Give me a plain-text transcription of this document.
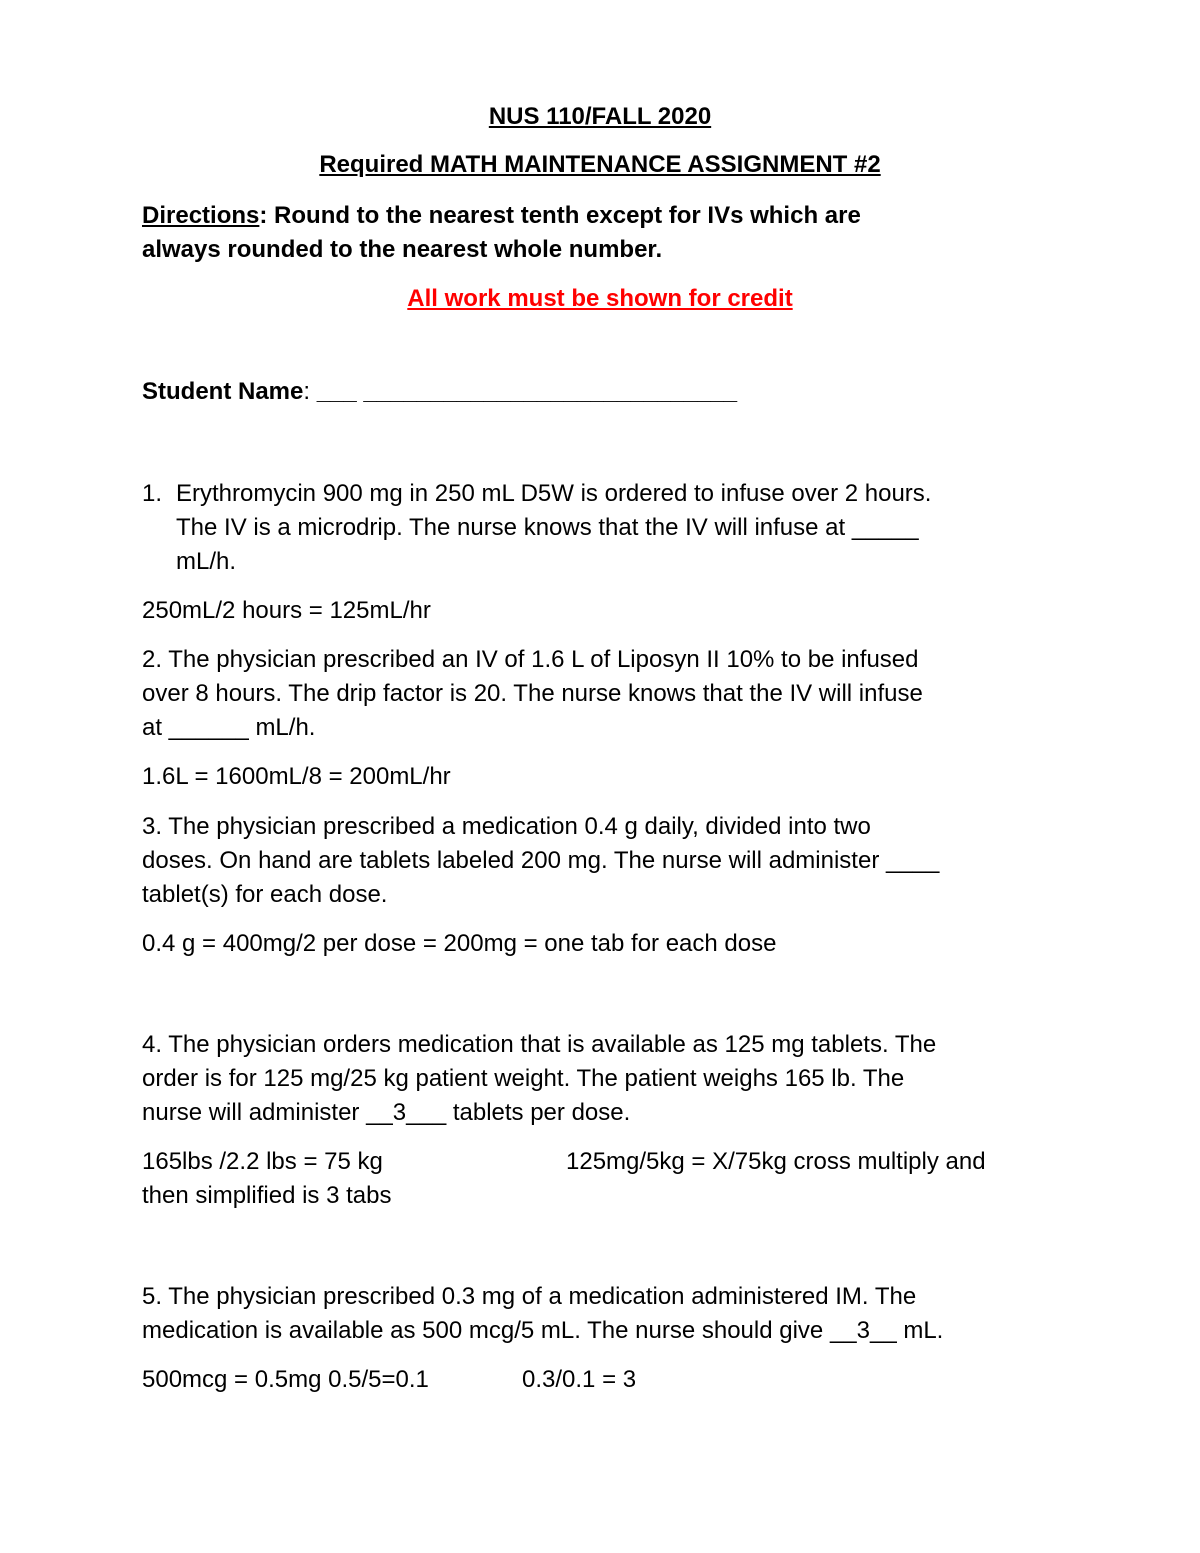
NUS 110/FALL 2020
Required MATH MAINTENANCE ASSIGNMENT #2
Directions: Round to the nearest tenth except for IVs which are
always rounded to the nearest whole number.
All work must be shown for credit
Student Name: ___ ____________________________
1. Erythromycin 900 mg in 250 mL D5W is ordered to infuse over 2 hours.
The IV is a microdrip. The nurse knows that the IV will infuse at _____
mL/h.
250mL/2 hours = 125mL/hr
2. The physician prescribed an IV of 1.6 L of Liposyn II 10% to be infused
over 8 hours. The drip factor is 20. The nurse knows that the IV will infuse
at ______ mL/h.
1.6L = 1600mL/8 = 200mL/hr
3. The physician prescribed a medication 0.4 g daily, divided into two
doses. On hand are tablets labeled 200 mg. The nurse will administer ____
tablet(s) for each dose.
0.4 g = 400mg/2 per dose = 200mg = one tab for each dose
4. The physician orders medication that is available as 125 mg tablets. The
order is for 125 mg/25 kg patient weight. The patient weighs 165 lb. The
nurse will administer __3___ tablets per dose.
165lbs /2.2 lbs = 75 kg	125mg/5kg = X/75kg cross multiply and
then simplified is 3 tabs
5. The physician prescribed 0.3 mg of a medication administered IM. The
medication is available as 500 mcg/5 mL. The nurse should give __3__ mL.
500mcg = 0.5mg 0.5/5=0.1	0.3/0.1 = 3
